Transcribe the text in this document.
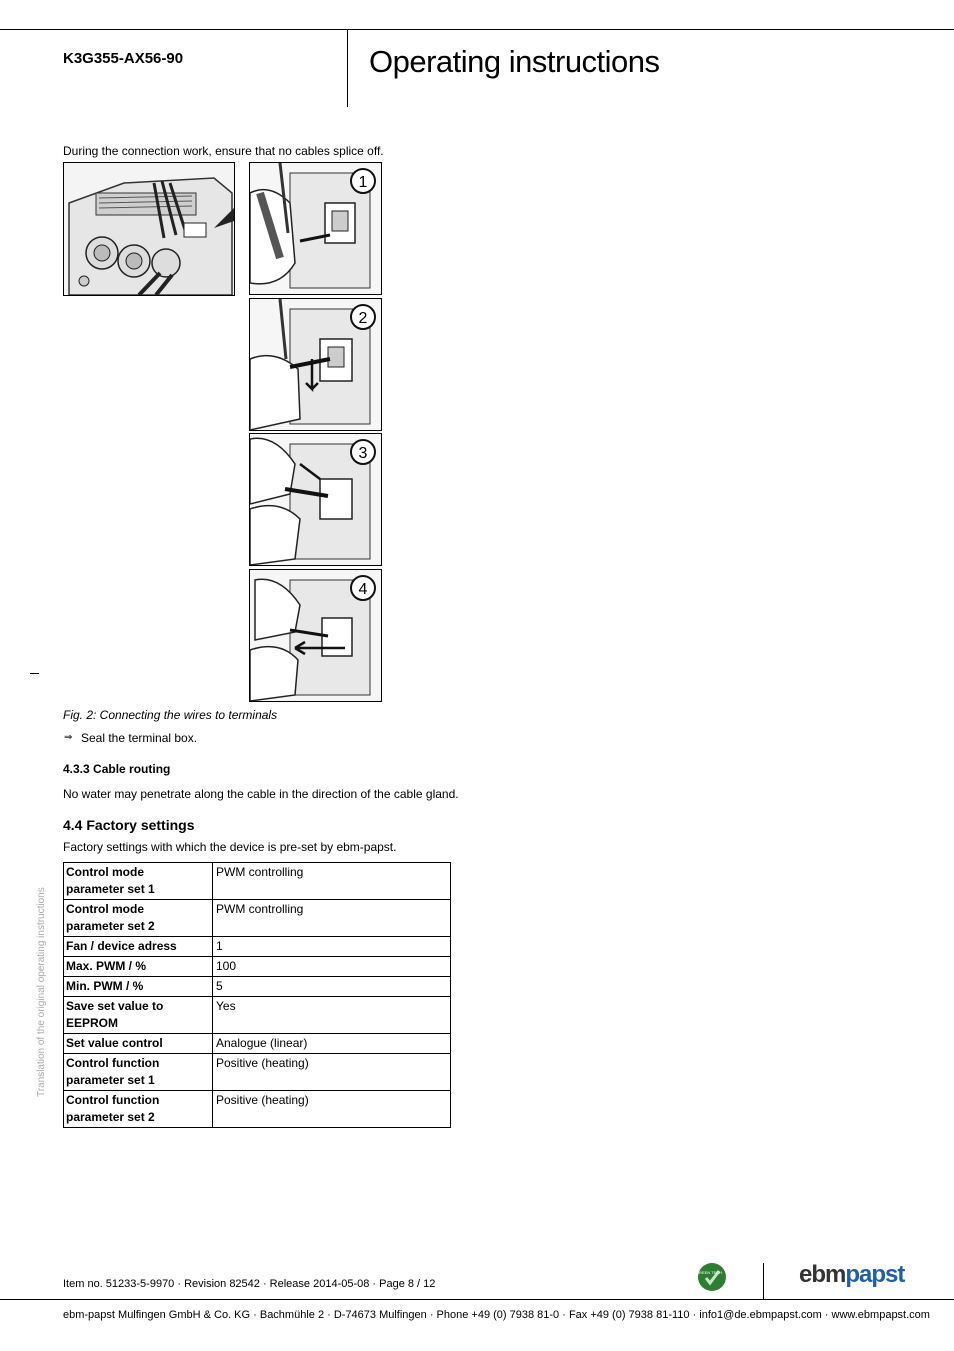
K3G355-AX56-90	Operating instructions
During the connection work, ensure that no cables splice off.
1
2
3
4
Fig. 2: Connecting the wires to terminals
⇒ Seal the terminal box.
4.3.3 Cable routing
No water may penetrate along the cable in the direction of the cable gland.
4.4 Factory settings
Factory settings with which the device is pre-set by ebm-papst.
Control mode
parameter set 1	PWM controlling
Control mode
parameter set 2	PWM controlling
Fan / device adress	1
Max. PWM / %	100
Min. PWM / %	5
Save set value to
EEPROM	Yes
Set value control	Analogue (linear)
Control function
parameter set 1	Positive (heating)
Control function
parameter set 2	Positive (heating)
Translation of the original operating instructions
Item no. 51233-5-9970 · Revision 82542 · Release 2014-05-08 · Page 8 / 12
GREEN TECH	ebmpapst
ebm-papst Mulfingen GmbH & Co. KG · Bachmühle 2 · D-74673 Mulfingen · Phone +49 (0) 7938 81-0 · Fax +49 (0) 7938 81-110 · info1@de.ebmpapst.com · www.ebmpapst.com
